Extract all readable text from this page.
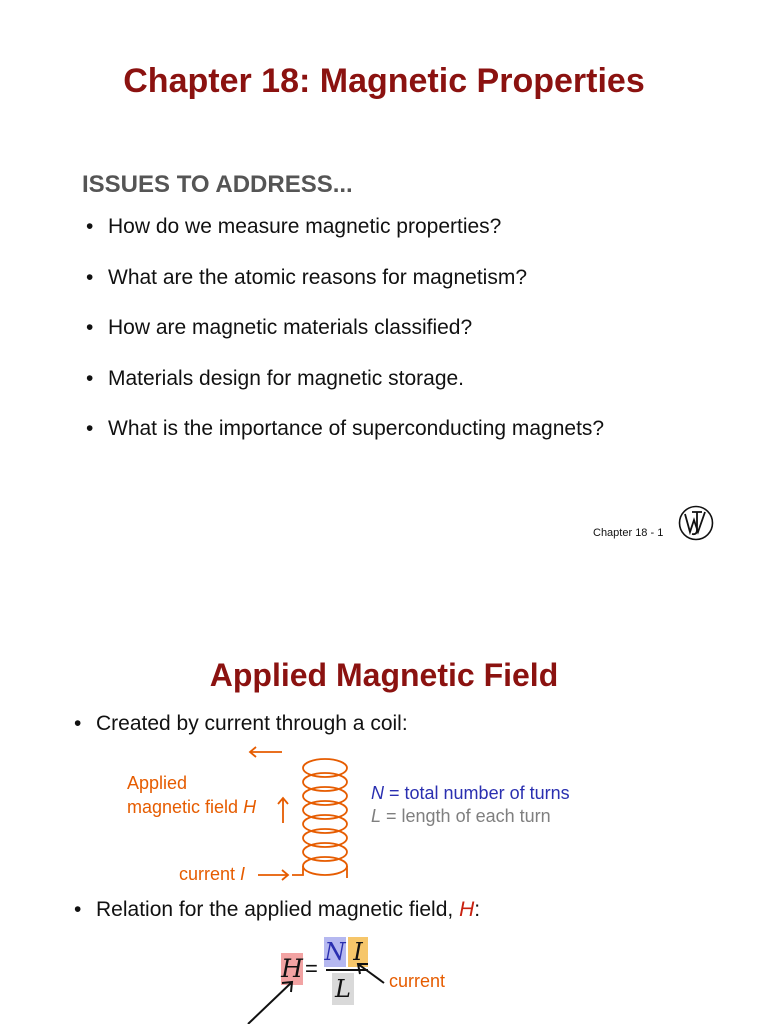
Chapter 18: Magnetic Properties
ISSUES TO ADDRESS...
• How do we measure magnetic properties?
• What are the atomic reasons for magnetism?
• How are magnetic materials classified?
• Materials design for magnetic storage.
• What is the importance of superconducting magnets?
Chapter 18 - 1
Applied Magnetic Field
• Created by current through a coil:
Applied
magnetic field H
current I
N = total number of turns
L = length of each turn
• Relation for the applied magnetic field, H:
H =
N I
L current
